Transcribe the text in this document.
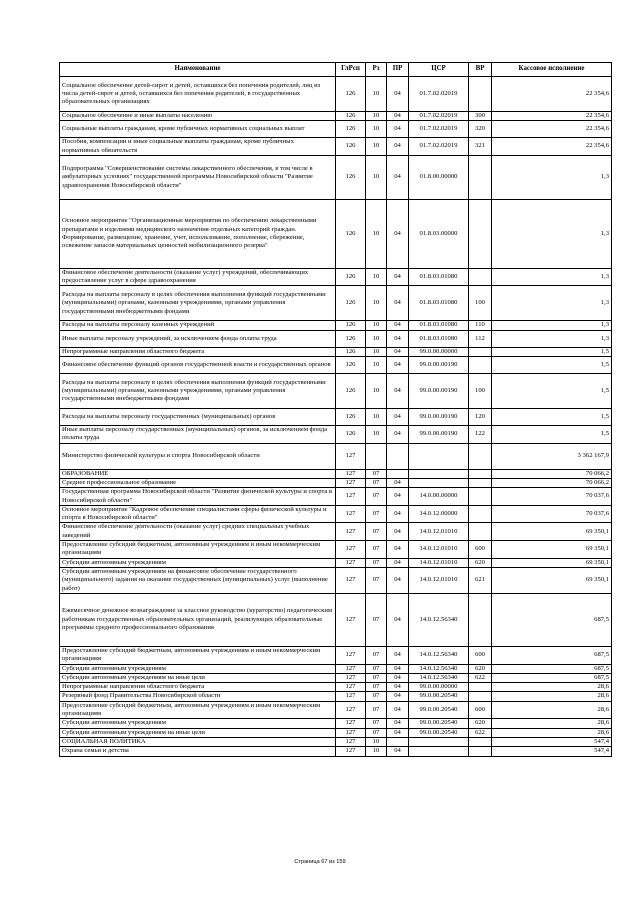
Наименование	ГлРсп	Рз	ПР	ЦСР	ВР	Кассовое исполнение
Социальное обеспечение детей-сирот и детей, оставшихся без попечения родителей, лиц из числа детей-сирот и детей, оставшихся без попечения родителей, в государственных образовательных организациях	126	10	04	01.7.02.02019		22 354,6
Социальное обеспечение и иные выплаты населению	126	10	04	01.7.02.02019	300	22 354,6
Социальные выплаты гражданам, кроме публичных нормативных социальных выплат	126	10	04	01.7.02.02019	320	22 354,6
Пособия, компенсации и иные социальные выплаты гражданам, кроме публичных нормативных обязательств	126	10	04	01.7.02.02019	321	22 354,6
Подпрограмма "Совершенствование системы лекарственного обеспечения, в том числе в амбулаторных условиях" государственной программы Новосибирской области "Развитие здравоохранения Новосибирской области"	126	10	04	01.8.00.00000		1,3
Основное мероприятие "Организационные мероприятия по обеспечению лекарственными препаратами и изделиями медицинского назначения отдельных категорий граждан. Формирование, размещение, хранение, учет, использование, пополнение, сбережение, освежение запасов материальных ценностей мобилизационного резерва"	126	10	04	01.8.03.00000		1,3
Финансовое обеспечение деятельности (оказание услуг) учреждений, обеспечивающих предоставление услуг в сфере здравоохранения	126	10	04	01.8.03.01080		1,3
Расходы на выплаты персоналу в целях обеспечения выполнения функций государственными (муниципальными) органами, казенными учреждениями, органами управления государственными внебюджетными фондами	126	10	04	01.8.03.01080	100	1,3
Расходы на выплаты персоналу казенных учреждений	126	10	04	01.8.03.01080	110	1,3
Иные выплаты персоналу учреждений, за исключением фонда оплаты труда	126	10	04	01.8.03.01080	112	1,3
Непрограммные направления областного бюджета	126	10	04	99.0.00.00000		1,5
Финансовое обеспечение функций органов государственной власти и государственных органов	126	10	04	99.0.00.00190		1,5
Расходы на выплаты персоналу в целях обеспечения выполнения функций государственными (муниципальными) органами, казенными учреждениями, органами управления государственными внебюджетными фондами	126	10	04	99.0.00.00190	100	1,5
Расходы на выплаты персоналу государственных (муниципальных) органов	126	10	04	99.0.00.00190	120	1,5
Иные выплаты персоналу государственных (муниципальных) органов, за исключением фонда оплаты труда	126	10	04	99.0.00.00190	122	1,5
Министерство физической культуры и спорта Новосибирской области	127					3 362 167,9
ОБРАЗОВАНИЕ	127	07				70 066,2
Среднее профессиональное образование	127	07	04			70 066,2
Государственная программа Новосибирской области "Развитие физической культуры и спорта в Новосибирской области"	127	07	04	14.0.00.00000		70 037,6
Основное мероприятие "Кадровое обеспечение специалистами сферы физической культуры и спорта в Новосибирской области"	127	07	04	14.0.12.00000		70 037,6
Финансовое обеспечение деятельности (оказание услуг) средних специальных учебных заведений	127	07	04	14.0.12.01010		69 350,1
Предоставление субсидий бюджетным, автономным учреждениям и иным некоммерческим организациям	127	07	04	14.0.12.01010	600	69 350,1
Субсидии автономным учреждениям	127	07	04	14.0.12.01010	620	69 350,1
Субсидии автономным учреждениям на финансовое обеспечение государственного (муниципального) задания на оказание государственных (муниципальных) услуг (выполнение работ)	127	07	04	14.0.12.01010	621	69 350,1
Ежемесячное денежное вознаграждение за классное руководство (кураторство) педагогическим работникам государственных образовательных организаций, реализующих образовательные программы среднего профессионального образования	127	07	04	14.0.12.56340		687,5
Предоставление субсидий бюджетным, автономным учреждениям и иным некоммерческим организациям	127	07	04	14.0.12.56340	600	687,5
Субсидии автономным учреждениям	127	07	04	14.0.12.56340	620	687,5
Субсидии автономным учреждениям на иные цели	127	07	04	14.0.12.56340	622	687,5
Непрограммные направления областного бюджета	127	07	04	99.0.00.00000		28,6
Резервный фонд Правительства Новосибирской области	127	07	04	99.0.00.20540		28,6
Предоставление субсидий бюджетным, автономным учреждениям и иным некоммерческим организациям	127	07	04	99.0.00.20540	600	28,6
Субсидии автономным учреждениям	127	07	04	99.0.00.20540	620	28,6
Субсидии автономным учреждениям на иные цели	127	07	04	99.0.00.20540	622	28,6
СОЦИАЛЬНАЯ ПОЛИТИКА	127	10				547,4
Охрана семьи и детства	127	10	04			547,4
Страница 67 из 159
